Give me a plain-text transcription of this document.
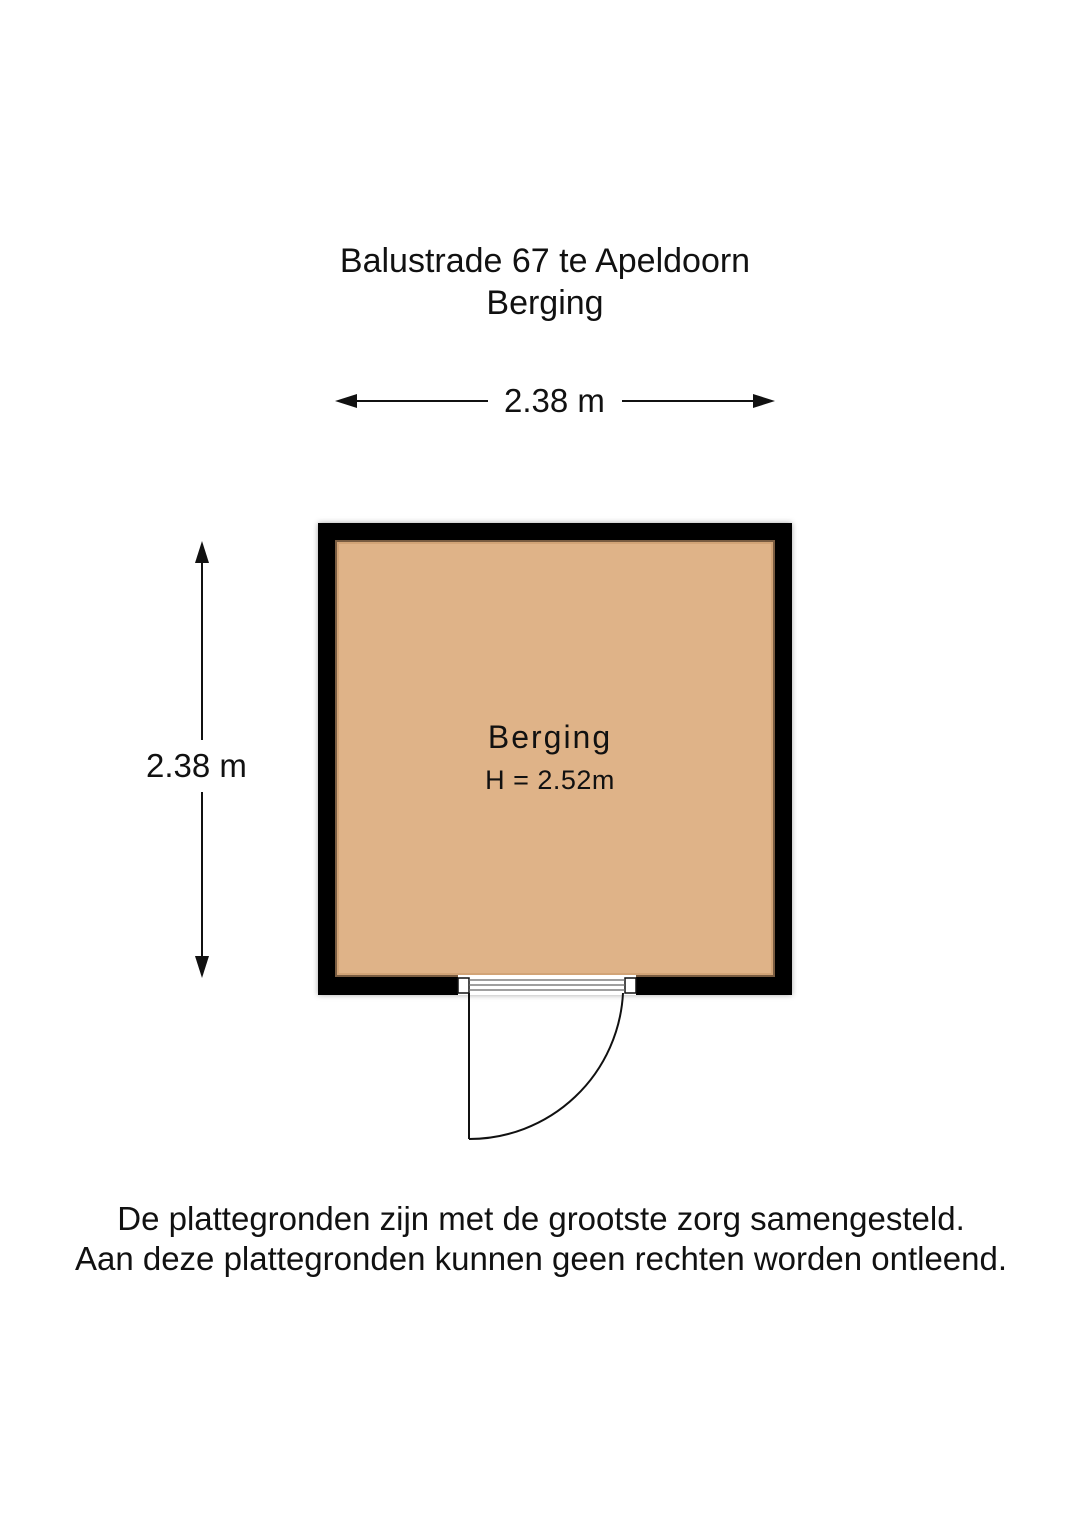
Balustrade 67 te Apeldoorn
Berging
2.38 m
2.38 m
Berging
H = 2.52m
De plattegronden zijn met de grootste zorg samengesteld.
Aan deze plattegronden kunnen geen rechten worden ontleend.
